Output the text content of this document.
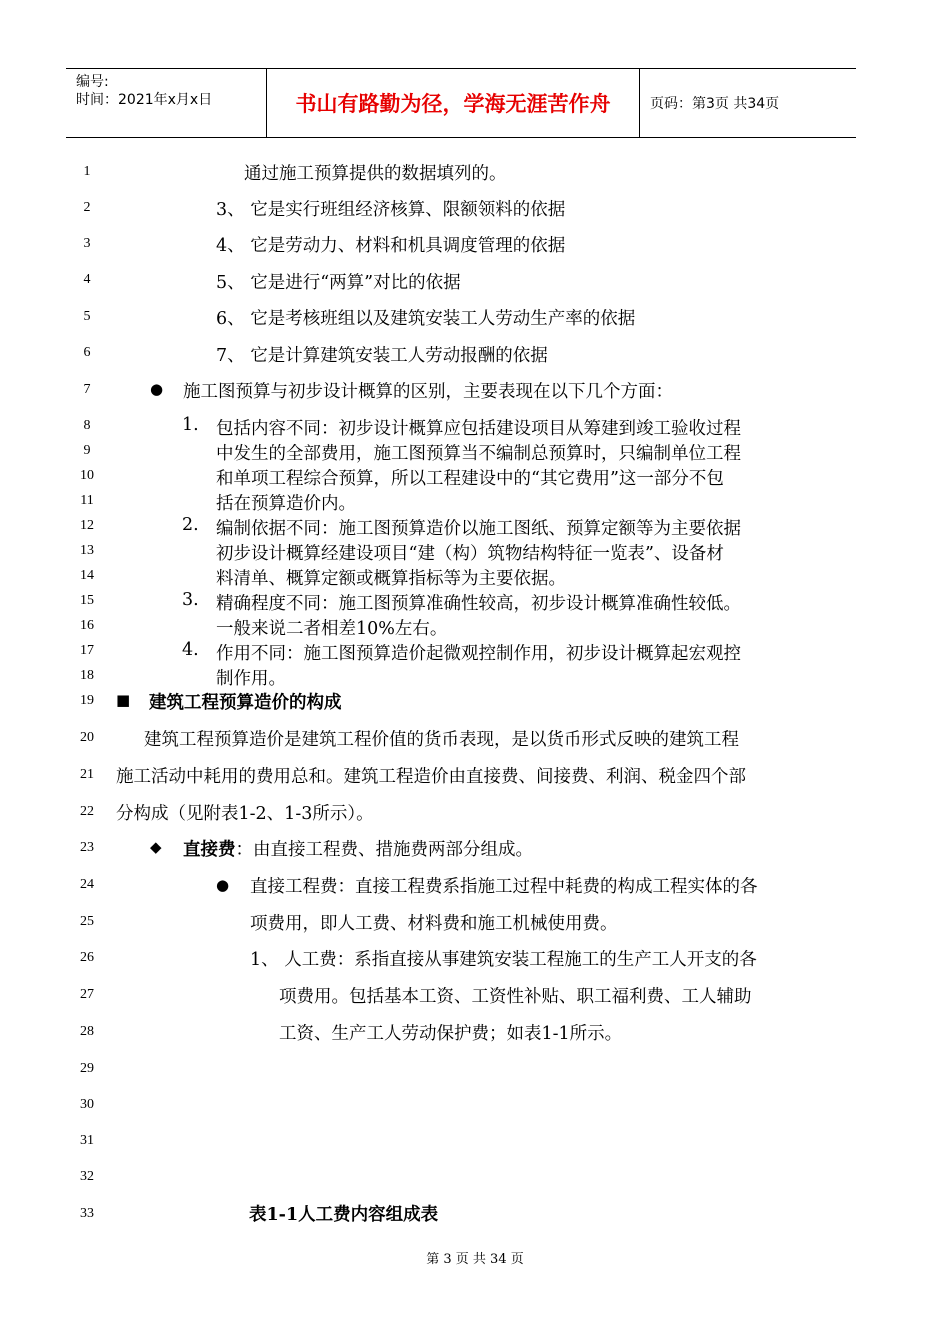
编号:
时间：2021年x月x日	书山有路勤为径，学海无涯苦作舟	页码：第3页 共34页
1
2
3
4
5
6
7
8
9
10
11
12
13
14
15
16
17
18
19
20
21
22
23
24
25
26
27
28
29
30
31
32
33
通过施工预算提供的数据填列的。
3、 它是实行班组经济核算、限额领料的依据
4、 它是劳动力、材料和机具调度管理的依据
5、 它是进行“两算”对比的依据
6、 它是考核班组以及建筑安装工人劳动生产率的依据
7、 它是计算建筑安装工人劳动报酬的依据
● 施工图预算与初步设计概算的区别，主要表现在以下几个方面：
1. 包括内容不同：初步设计概算应包括建设项目从筹建到竣工验收过程
中发生的全部费用，施工图预算当不编制总预算时，只编制单位工程
和单项工程综合预算，所以工程建设中的“其它费用”这一部分不包
括在预算造价内。
2. 编制依据不同：施工图预算造价以施工图纸、预算定额等为主要依据
初步设计概算经建设项目“建（构）筑物结构特征一览表”、设备材
料清单、概算定额或概算指标等为主要依据。
3. 精确程度不同：施工图预算准确性较高，初步设计概算准确性较低。
一般来说二者相差10%左右。
4. 作用不同：施工图预算造价起微观控制作用，初步设计概算起宏观控
制作用。
■ 建筑工程预算造价的构成
建筑工程预算造价是建筑工程价值的货币表现，是以货币形式反映的建筑工程
施工活动中耗用的费用总和。建筑工程造价由直接费、间接费、利润、税金四个部
分构成（见附表1-2、1-3所示）。
◆ 直接费：由直接工程费、措施费两部分组成。
● 直接工程费：直接工程费系指施工过程中耗费的构成工程实体的各
项费用，即人工费、材料费和施工机械使用费。
1、 人工费：系指直接从事建筑安装工程施工的生产工人开支的各
项费用。包括基本工资、工资性补贴、职工福利费、工人辅助
工资、生产工人劳动保护费；如表1-1所示。
表1-1人工费内容组成表
第 3 页 共 34 页
